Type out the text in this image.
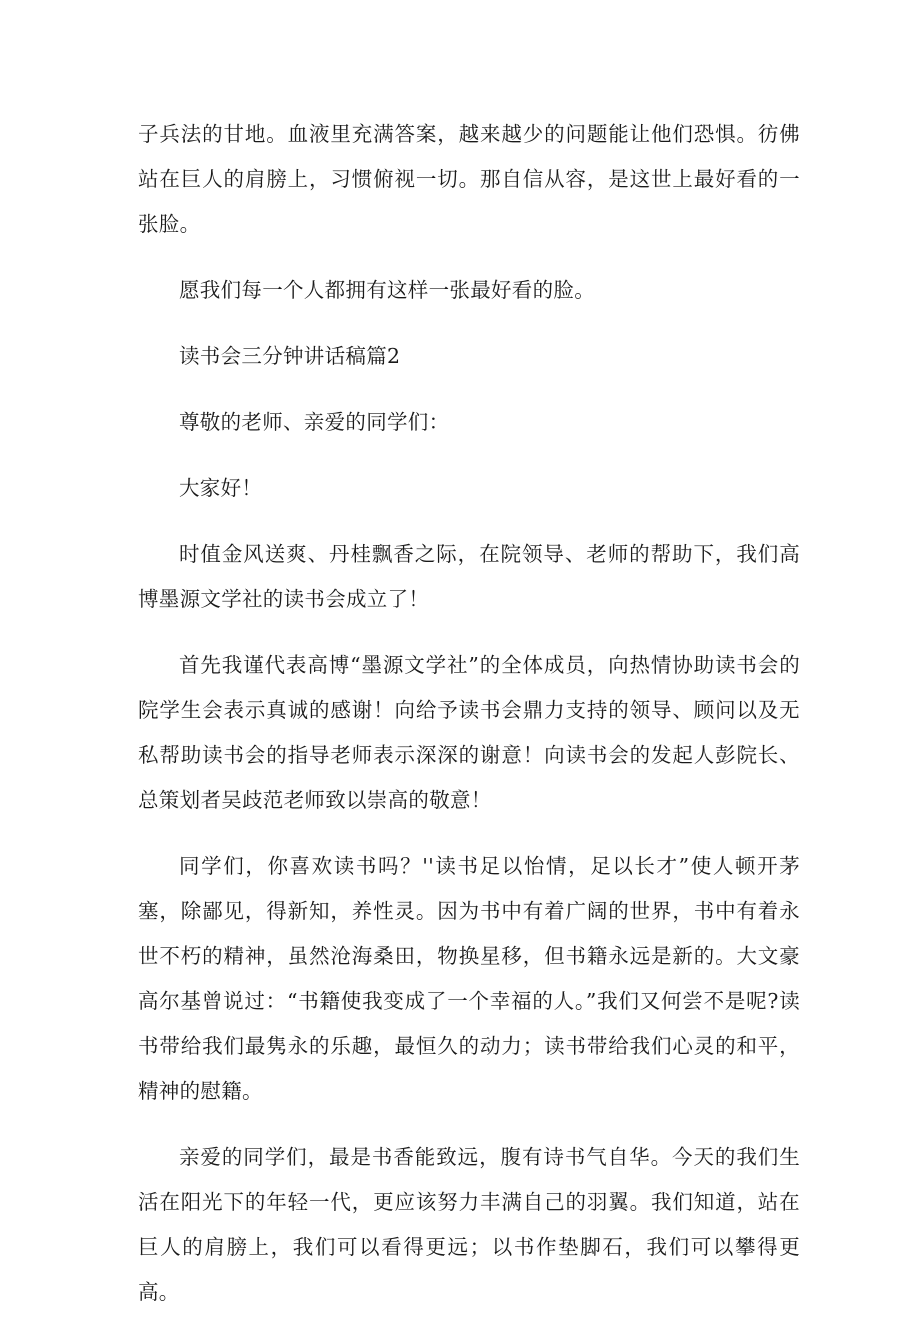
子兵法的甘地。血液里充满答案，越来越少的问题能让他们恐惧。彷佛站在巨人的肩膀上，习惯俯视一切。那自信从容，是这世上最好看的一张脸。

愿我们每一个人都拥有这样一张最好看的脸。

读书会三分钟讲话稿篇2

尊敬的老师、亲爱的同学们：

大家好！

时值金风送爽、丹桂飘香之际，在院领导、老师的帮助下，我们高博墨源文学社的读书会成立了！

首先我谨代表高博“墨源文学社”的全体成员，向热情协助读书会的院学生会表示真诚的感谢！向给予读书会鼎力支持的领导、顾问以及无私帮助读书会的指导老师表示深深的谢意！向读书会的发起人彭院长、总策划者吴歧范老师致以崇高的敬意！

同学们，你喜欢读书吗？''读书足以怡情，足以长才”使人顿开茅塞，除鄙见，得新知，养性灵。因为书中有着广阔的世界，书中有着永世不朽的精神，虽然沧海桑田，物换星移，但书籍永远是新的。大文豪高尔基曾说过：“书籍使我变成了一个幸福的人。”我们又何尝不是呢?读书带给我们最隽永的乐趣，最恒久的动力；读书带给我们心灵的和平，精神的慰籍。

亲爱的同学们，最是书香能致远，腹有诗书气自华。今天的我们生活在阳光下的年轻一代，更应该努力丰满自己的羽翼。我们知道，站在巨人的肩膀上，我们可以看得更远；以书作垫脚石，我们可以攀得更高。
